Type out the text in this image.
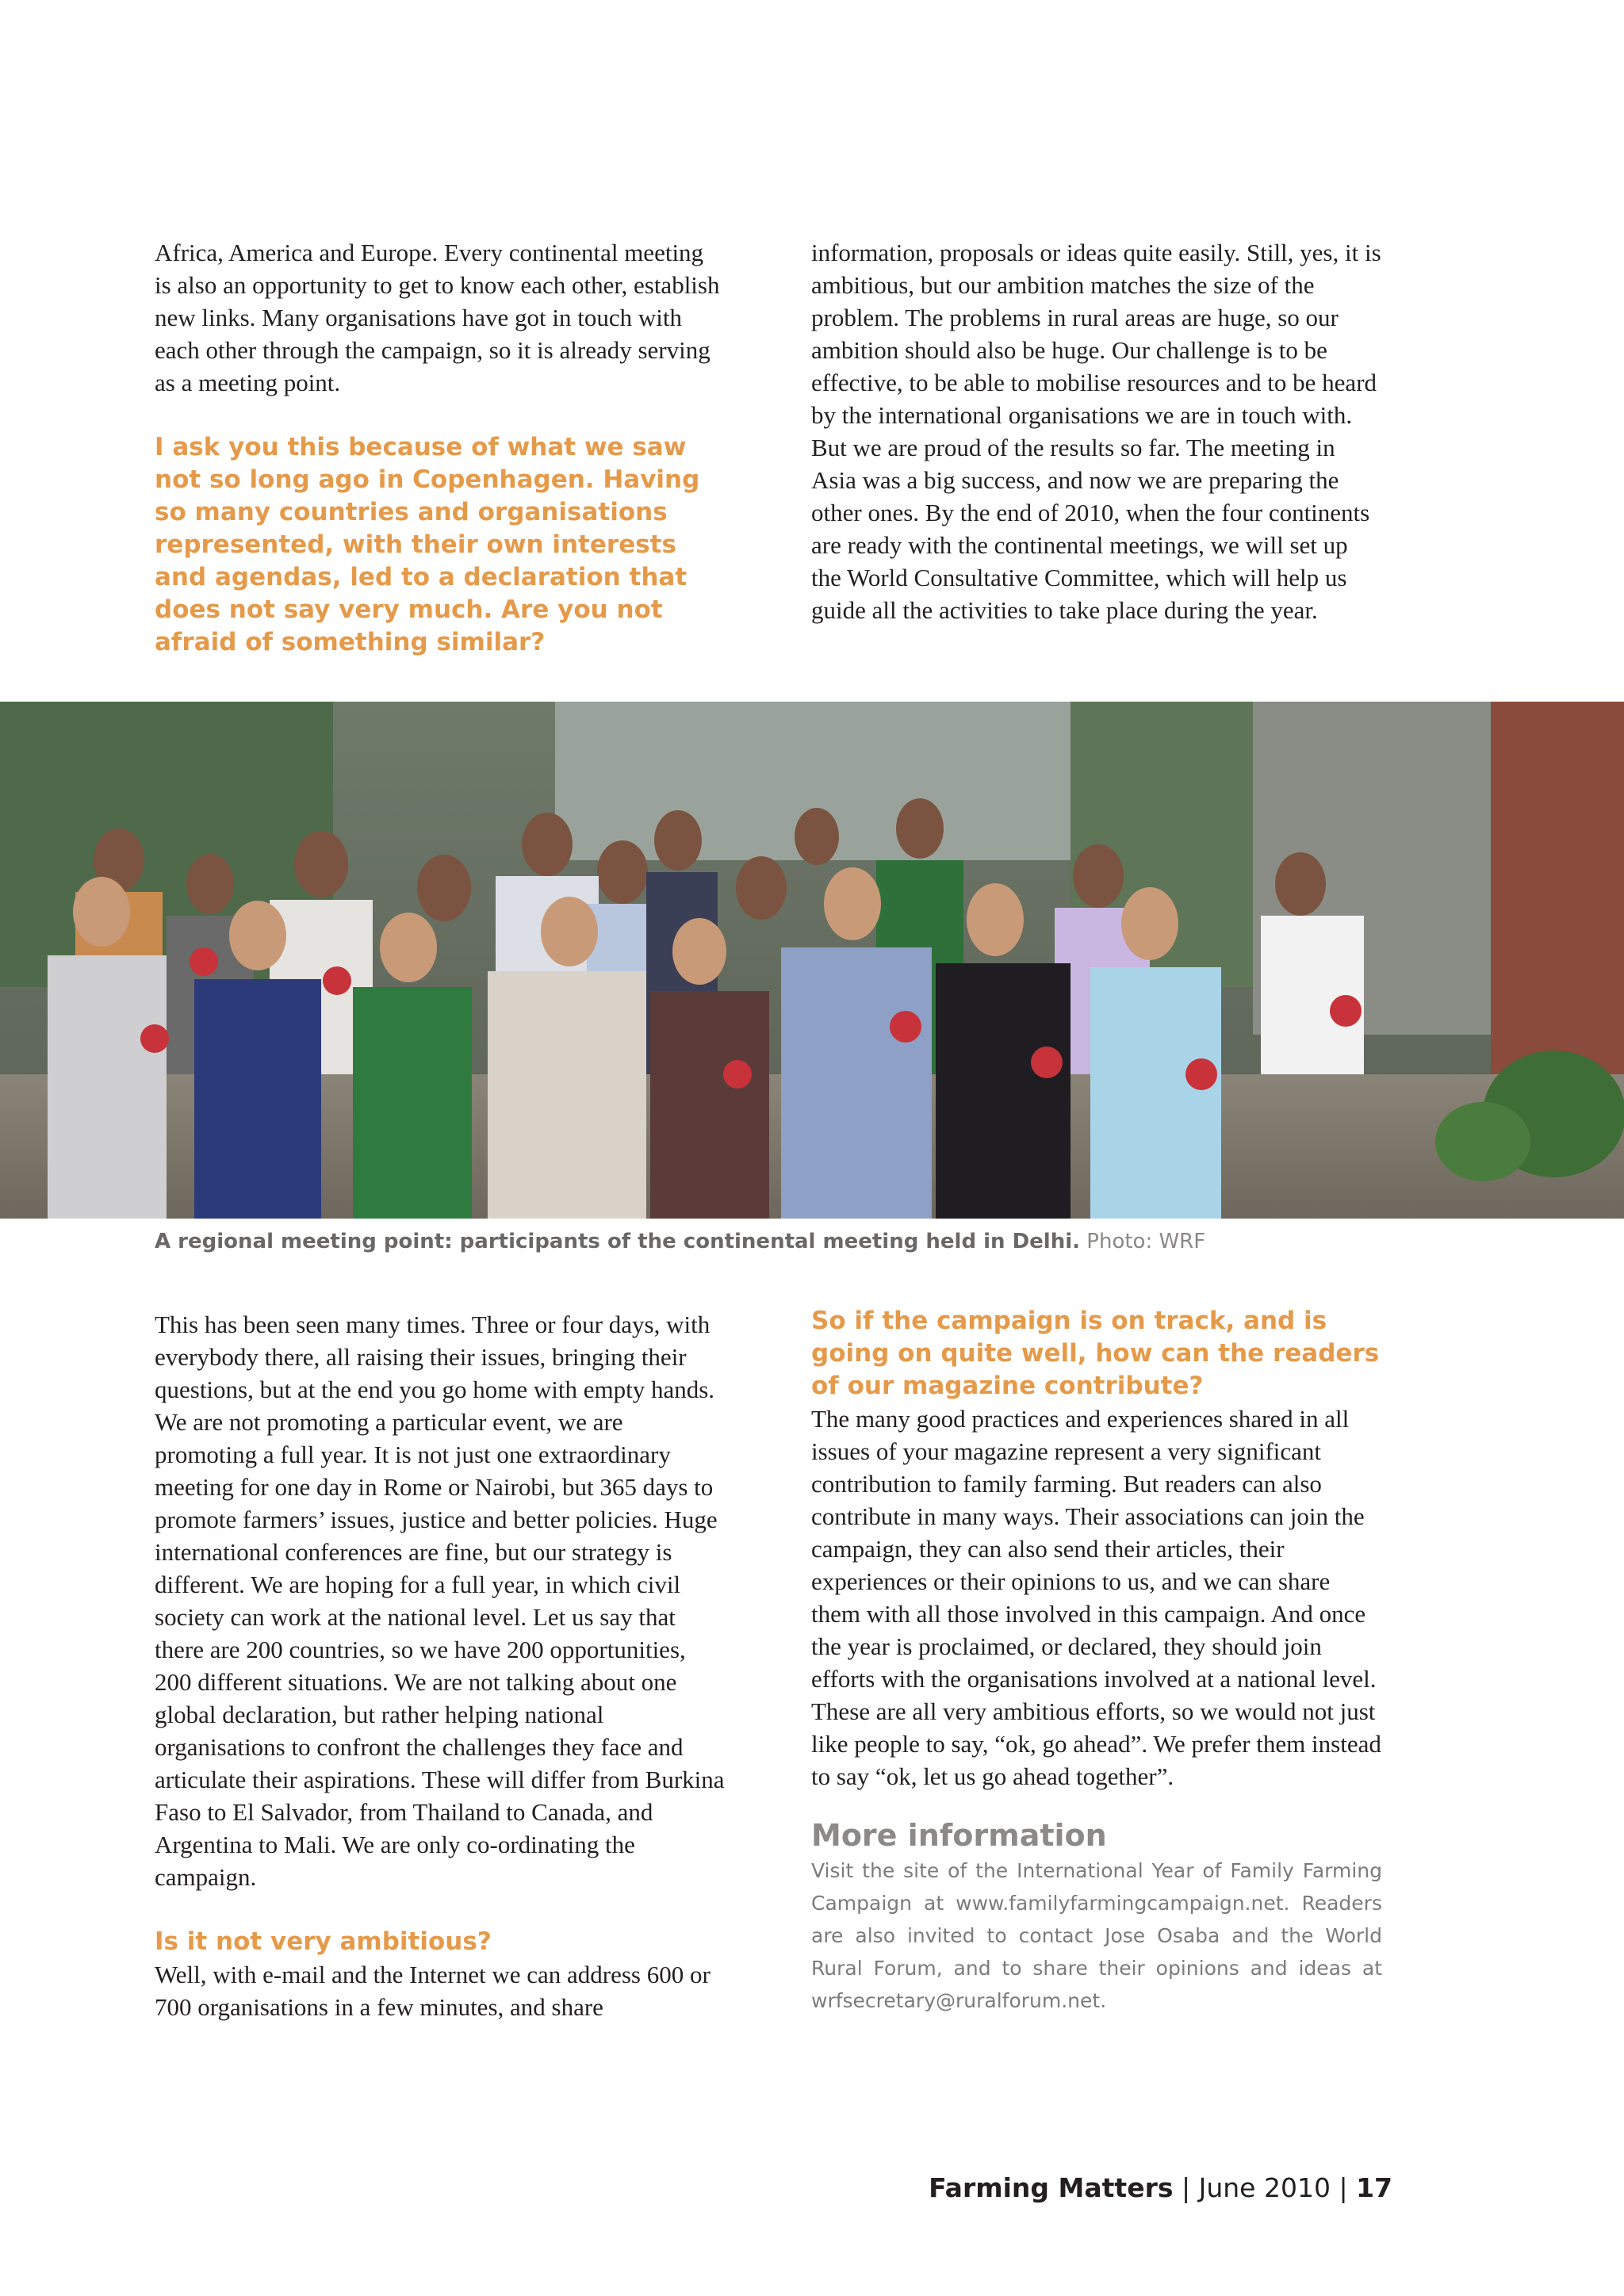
Africa, America and Europe. Every continental meeting is also an opportunity to get to know each other, establish new links. Many organisations have got in touch with each other through the campaign, so it is already serving as a meeting point.

I ask you this because of what we saw not so long ago in Copenhagen. Having so many countries and organisations represented, with their own interests and agendas, led to a declaration that does not say very much. Are you not afraid of something similar?

information, proposals or ideas quite easily. Still, yes, it is ambitious, but our ambition matches the size of the problem. The problems in rural areas are huge, so our ambition should also be huge. Our challenge is to be effective, to be able to mobilise resources and to be heard by the international organisations we are in touch with. But we are proud of the results so far. The meeting in Asia was a big success, and now we are preparing the other ones. By the end of 2010, when the four continents are ready with the continental meetings, we will set up the World Consultative Committee, which will help us guide all the activities to take place during the year.

A regional meeting point: participants of the continental meeting held in Delhi. Photo: WRF

This has been seen many times. Three or four days, with everybody there, all raising their issues, bringing their questions, but at the end you go home with empty hands. We are not promoting a particular event, we are promoting a full year. It is not just one extraordinary meeting for one day in Rome or Nairobi, but 365 days to promote farmers’ issues, justice and better policies. Huge international conferences are fine, but our strategy is different. We are hoping for a full year, in which civil society can work at the national level. Let us say that there are 200 countries, so we have 200 opportunities, 200 different situations. We are not talking about one global declaration, but rather helping national organisations to confront the challenges they face and articulate their aspirations. These will differ from Burkina Faso to El Salvador, from Thailand to Canada, and Argentina to Mali. We are only co-ordinating the campaign.

Is it not very ambitious?

Well, with e-mail and the Internet we can address 600 or 700 organisations in a few minutes, and share

So if the campaign is on track, and is going on quite well, how can the readers of our magazine contribute?

The many good practices and experiences shared in all issues of your magazine represent a very significant contribution to family farming. But readers can also contribute in many ways. Their associations can join the campaign, they can also send their articles, their experiences or their opinions to us, and we can share them with all those involved in this campaign. And once the year is proclaimed, or declared, they should join efforts with the organisations involved at a national level. These are all very ambitious efforts, so we would not just like people to say, “ok, go ahead”. We prefer them instead to say “ok, let us go ahead together”.

More information

Visit the site of the International Year of Family Farming Campaign at www.familyfarmingcampaign.net. Readers are also invited to contact Jose Osaba and the World Rural Forum, and to share their opinions and ideas at wrfsecretary@ruralforum.net.

Farming Matters | June 2010 | 17
